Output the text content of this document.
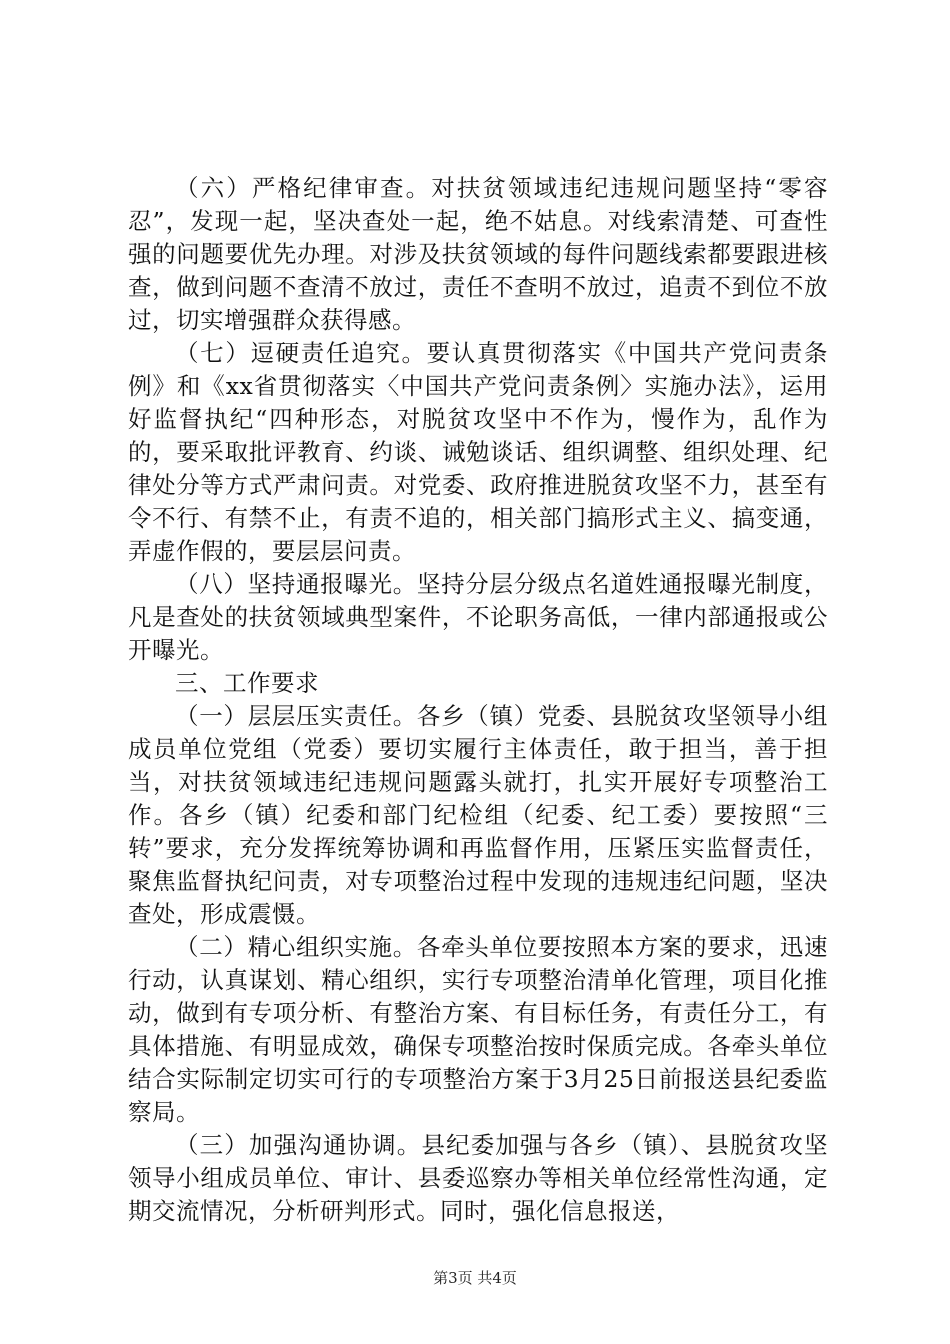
（六）严格纪律审查。对扶贫领域违纪违规问题坚持“零容忍”，发现一起，坚决查处一起，绝不姑息。对线索清楚、可查性强的问题要优先办理。对涉及扶贫领域的每件问题线索都要跟进核查，做到问题不查清不放过，责任不查明不放过，追责不到位不放过，切实增强群众获得感。

（七）逗硬责任追究。要认真贯彻落实《中国共产党问责条例》和《xx省贯彻落实〈中国共产党问责条例〉实施办法》，运用好监督执纪“四种形态，对脱贫攻坚中不作为，慢作为，乱作为的，要采取批评教育、约谈、诫勉谈话、组织调整、组织处理、纪律处分等方式严肃问责。对党委、政府推进脱贫攻坚不力，甚至有令不行、有禁不止，有责不追的，相关部门搞形式主义、搞变通，弄虚作假的，要层层问责。

（八）坚持通报曝光。坚持分层分级点名道姓通报曝光制度，凡是查处的扶贫领域典型案件，不论职务高低，一律内部通报或公开曝光。

三、工作要求

（一）层层压实责任。各乡（镇）党委、县脱贫攻坚领导小组成员单位党组（党委）要切实履行主体责任，敢于担当，善于担当，对扶贫领域违纪违规问题露头就打，扎实开展好专项整治工作。各乡（镇）纪委和部门纪检组（纪委、纪工委）要按照“三转”要求，充分发挥统筹协调和再监督作用，压紧压实监督责任，聚焦监督执纪问责，对专项整治过程中发现的违规违纪问题，坚决查处，形成震慑。

（二）精心组织实施。各牵头单位要按照本方案的要求，迅速行动，认真谋划、精心组织，实行专项整治清单化管理，项目化推动，做到有专项分析、有整治方案、有目标任务，有责任分工，有具体措施、有明显成效，确保专项整治按时保质完成。各牵头单位结合实际制定切实可行的专项整治方案于3月25日前报送县纪委监察局。

（三）加强沟通协调。县纪委加强与各乡（镇）、县脱贫攻坚领导小组成员单位、审计、县委巡察办等相关单位经常性沟通，定期交流情况，分析研判形式。同时，强化信息报送，

第3页 共4页
